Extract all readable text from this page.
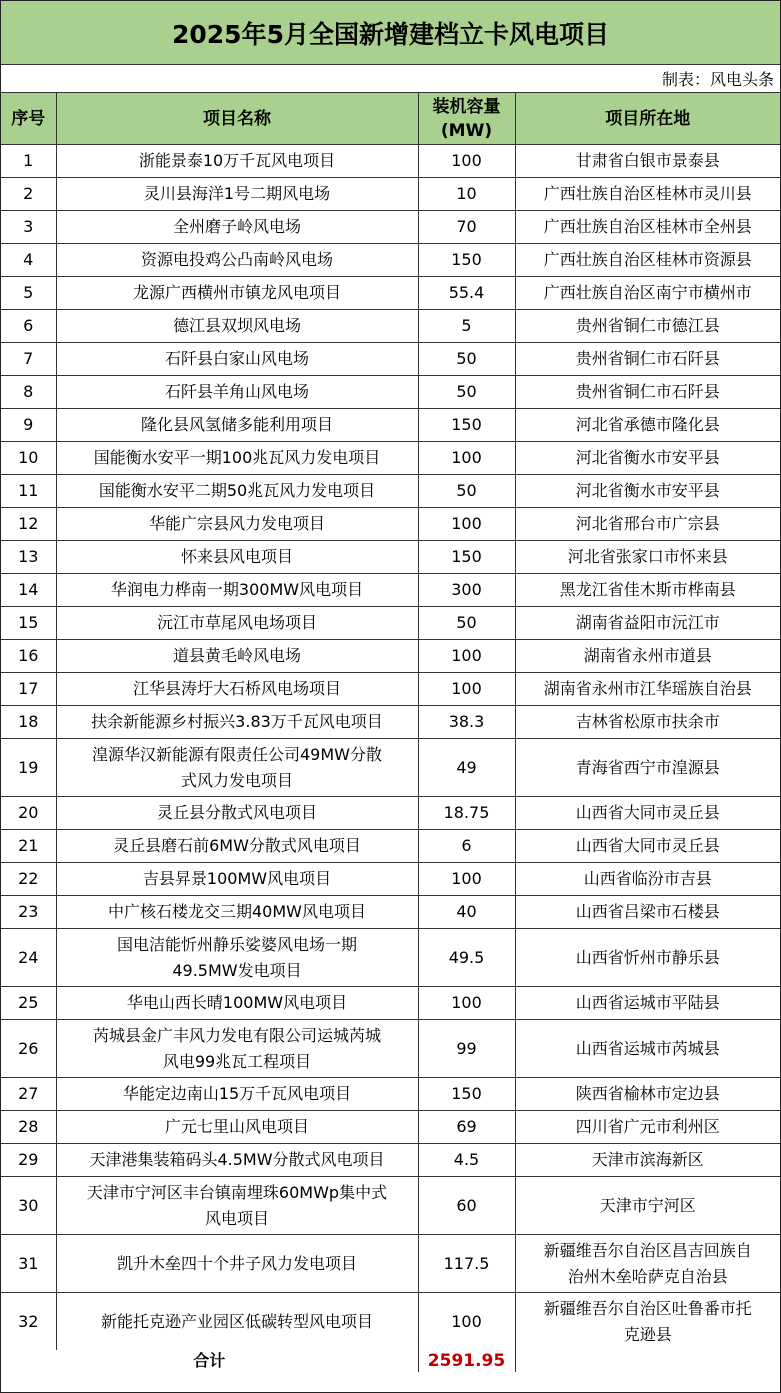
2025年5月全国新增建档立卡风电项目
制表：风电头条
序号	项目名称	装机容量
(MW)	项目所在地
1	浙能景泰10万千瓦风电项目	100	甘肃省白银市景泰县
2	灵川县海洋1号二期风电场	10	广西壮族自治区桂林市灵川县
3	全州磨子岭风电场	70	广西壮族自治区桂林市全州县
4	资源电投鸡公凸南岭风电场	150	广西壮族自治区桂林市资源县
5	龙源广西横州市镇龙风电项目	55.4	广西壮族自治区南宁市横州市
6	德江县双坝风电场	5	贵州省铜仁市德江县
7	石阡县白家山风电场	50	贵州省铜仁市石阡县
8	石阡县羊角山风电场	50	贵州省铜仁市石阡县
9	隆化县风氢储多能利用项目	150	河北省承德市隆化县
10	国能衡水安平一期100兆瓦风力发电项目	100	河北省衡水市安平县
11	国能衡水安平二期50兆瓦风力发电项目	50	河北省衡水市安平县
12	华能广宗县风力发电项目	100	河北省邢台市广宗县
13	怀来县风电项目	150	河北省张家口市怀来县
14	华润电力桦南一期300MW风电项目	300	黑龙江省佳木斯市桦南县
15	沅江市草尾风电场项目	50	湖南省益阳市沅江市
16	道县黄毛岭风电场	100	湖南省永州市道县
17	江华县涛圩大石桥风电场项目	100	湖南省永州市江华瑶族自治县
18	扶余新能源乡村振兴3.83万千瓦风电项目	38.3	吉林省松原市扶余市
19	湟源华汉新能源有限责任公司49MW分散
式风力发电项目	49	青海省西宁市湟源县
20	灵丘县分散式风电项目	18.75	山西省大同市灵丘县
21	灵丘县磨石前6MW分散式风电项目	6	山西省大同市灵丘县
22	吉县昇景100MW风电项目	100	山西省临汾市吉县
23	中广核石楼龙交三期40MW风电项目	40	山西省吕梁市石楼县
24	国电洁能忻州静乐娑婆风电场一期
49.5MW发电项目	49.5	山西省忻州市静乐县
25	华电山西长晴100MW风电项目	100	山西省运城市平陆县
26	芮城县金广丰风力发电有限公司运城芮城
风电99兆瓦工程项目	99	山西省运城市芮城县
27	华能定边南山15万千瓦风电项目	150	陕西省榆林市定边县
28	广元七里山风电项目	69	四川省广元市利州区
29	天津港集装箱码头4.5MW分散式风电项目	4.5	天津市滨海新区
30	天津市宁河区丰台镇南埋珠60MWp集中式
风电项目	60	天津市宁河区
31	凯升木垒四十个井子风力发电项目	117.5	新疆维吾尔自治区昌吉回族自
治州木垒哈萨克自治县
32	新能托克逊产业园区低碳转型风电项目	100	新疆维吾尔自治区吐鲁番市托
克逊县
合计		2591.95	
